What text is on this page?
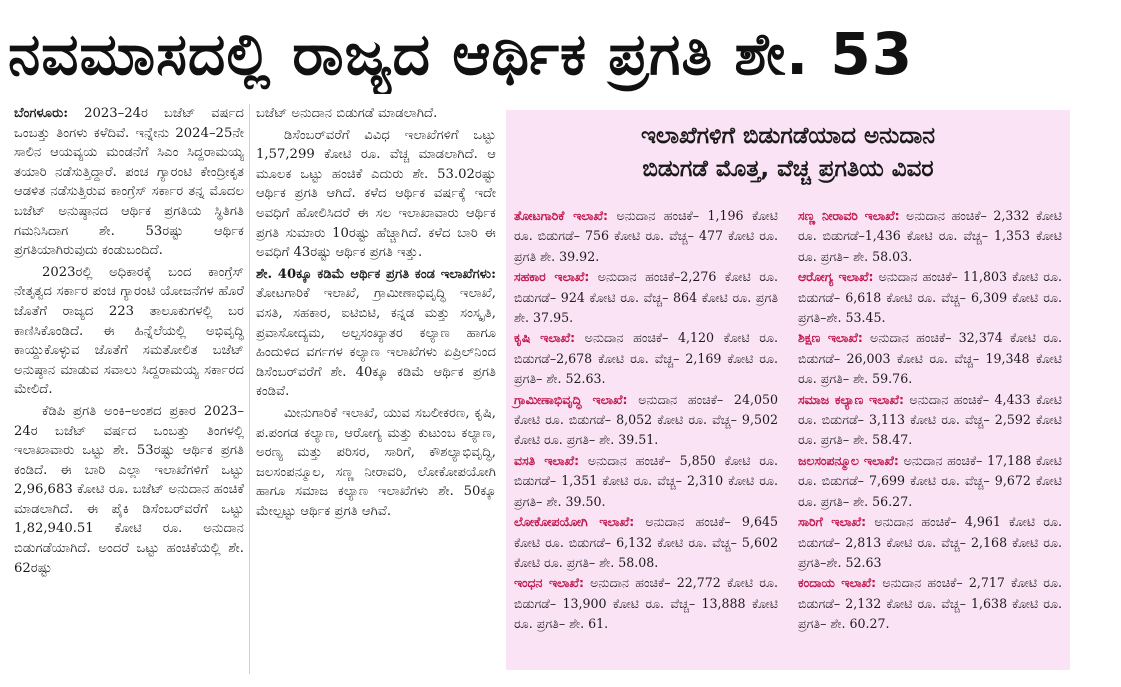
ನವಮಾಸದಲ್ಲಿ ರಾಜ್ಯದ ಆರ್ಥಿಕ ಪ್ರಗತಿ ಶೇ. 53

ಬೆಂಗಳೂರು: 2023–24ರ ಬಜೆಟ್ ವರ್ಷದ ಒಂಬತ್ತು ತಿಂಗಳು ಕಳೆದಿವೆ. ಇನ್ನೇನು 2024–25ನೇ ಸಾಲಿನ ಆಯವ್ಯಯ ಮಂಡನೆಗೆ ಸಿಎಂ ಸಿದ್ದರಾಮಯ್ಯ ತಯಾರಿ ನಡೆಸುತ್ತಿದ್ದಾರೆ. ಪಂಚ ಗ್ಯಾರಂಟಿ ಕೇಂದ್ರೀಕೃತ ಆಡಳಿತ ನಡೆಸುತ್ತಿರುವ ಕಾಂಗ್ರೆಸ್ ಸರ್ಕಾರ ತನ್ನ ಮೊದಲ ಬಜೆಟ್ ಅನುಷ್ಠಾನದ ಆರ್ಥಿಕ ಪ್ರಗತಿಯ ಸ್ಥಿತಿಗತಿ ಗಮನಿಸಿದಾಗ ಶೇ. 53ರಷ್ಟು ಆರ್ಥಿಕ ಪ್ರಗತಿಯಾಗಿರುವುದು ಕಂಡುಬಂದಿದೆ.

2023ರಲ್ಲಿ ಅಧಿಕಾರಕ್ಕೆ ಬಂದ ಕಾಂಗ್ರೆಸ್ ನೇತೃತ್ವದ ಸರ್ಕಾರ ಪಂಚ ಗ್ಯಾರಂಟಿ ಯೋಜನೆಗಳ ಹೊರೆ ಜೊತೆಗೆ ರಾಜ್ಯದ 223 ತಾಲೂಕುಗಳಲ್ಲಿ ಬರ ಕಾಣಿಸಿಕೊಂಡಿದೆ. ಈ ಹಿನ್ನೆಲೆಯಲ್ಲಿ ಅಭಿವೃದ್ಧಿ ಕಾಯ್ದುಕೊಳ್ಳುವ ಜೊತೆಗೆ ಸಮತೋಲಿತ ಬಜೆಟ್ ಅನುಷ್ಠಾನ ಮಾಡುವ ಸವಾಲು ಸಿದ್ದರಾಮಯ್ಯ ಸರ್ಕಾರದ ಮೇಲಿದೆ.

ಕೆಡಿಪಿ ಪ್ರಗತಿ ಅಂಕಿ–ಅಂಶದ ಪ್ರಕಾರ 2023–24ರ ಬಜೆಟ್ ವರ್ಷದ ಒಂಬತ್ತು ತಿಂಗಳಲ್ಲಿ ಇಲಾಖಾವಾರು ಒಟ್ಟು ಶೇ. 53ರಷ್ಟು ಆರ್ಥಿಕ ಪ್ರಗತಿ ಕಂಡಿದೆ. ಈ ಬಾರಿ ಎಲ್ಲಾ ಇಲಾಖೆಗಳಿಗೆ ಒಟ್ಟು 2,96,683 ಕೋಟಿ ರೂ. ಬಜೆಟ್ ಅನುದಾನ ಹಂಚಿಕೆ ಮಾಡಲಾಗಿದೆ. ಈ ಪೈಕಿ ಡಿಸೆಂಬರ್‌ವರೆಗೆ ಒಟ್ಟು 1,82,940.51 ಕೋಟಿ ರೂ. ಅನುದಾನ ಬಿಡುಗಡೆಯಾಗಿದೆ. ಅಂದರೆ ಒಟ್ಟು ಹಂಚಿಕೆಯಲ್ಲಿ ಶೇ. 62ರಷ್ಟು

ಬಜೆಟ್ ಅನುದಾನ ಬಿಡುಗಡೆ ಮಾಡಲಾಗಿದೆ.

ಡಿಸೆಂಬರ್‌ವರೆಗೆ ವಿವಿಧ ಇಲಾಖೆಗಳಿಗೆ ಒಟ್ಟು 1,57,299 ಕೋಟಿ ರೂ. ವೆಚ್ಚ ಮಾಡಲಾಗಿದೆ. ಆ ಮೂಲಕ ಒಟ್ಟು ಹಂಚಿಕೆ ಎದುರು ಶೇ. 53.02ರಷ್ಟು ಆರ್ಥಿಕ ಪ್ರಗತಿ ಆಗಿದೆ. ಕಳೆದ ಆರ್ಥಿಕ ವರ್ಷಕ್ಕೆ ಇದೇ ಅವಧಿಗೆ ಹೋಲಿಸಿದರೆ ಈ ಸಲ ಇಲಾಖಾವಾರು ಆರ್ಥಿಕ ಪ್ರಗತಿ ಸುಮಾರು 10ರಷ್ಟು ಹೆಚ್ಚಾಗಿದೆ. ಕಳೆದ ಬಾರಿ ಈ ಅವಧಿಗೆ 43ರಷ್ಟು ಆರ್ಥಿಕ ಪ್ರಗತಿ ಇತ್ತು.

ಶೇ. 40ಕ್ಕೂ ಕಡಿಮೆ ಆರ್ಥಿಕ ಪ್ರಗತಿ ಕಂಡ ಇಲಾಖೆಗಳು: ತೋಟಗಾರಿಕೆ ಇಲಾಖೆ, ಗ್ರಾಮೀಣಾಭಿವೃದ್ಧಿ ಇಲಾಖೆ, ವಸತಿ, ಸಹಕಾರ, ಐಟಿಬಿಟಿ, ಕನ್ನಡ ಮತ್ತು ಸಂಸ್ಕೃತಿ, ಪ್ರವಾಸೋದ್ಯಮ, ಅಲ್ಪಸಂಖ್ಯಾತರ ಕಲ್ಯಾಣ ಹಾಗೂ ಹಿಂದುಳಿದ ವರ್ಗಗಳ ಕಲ್ಯಾಣ ಇಲಾಖೆಗಳು ಏಪ್ರಿಲ್‌ನಿಂದ ಡಿಸೆಂಬರ್‌ವರೆಗೆ ಶೇ. 40ಕ್ಕೂ ಕಡಿಮೆ ಆರ್ಥಿಕ ಪ್ರಗತಿ ಕಂಡಿವೆ.

ಮೀನುಗಾರಿಕೆ ಇಲಾಖೆ, ಯುವ ಸಬಲೀಕರಣ, ಕೃಷಿ, ಪ.ಪಂಗಡ ಕಲ್ಯಾಣ, ಆರೋಗ್ಯ ಮತ್ತು ಕುಟುಂಬ ಕಲ್ಯಾಣ, ಅರಣ್ಯ ಮತ್ತು ಪರಿಸರ, ಸಾರಿಗೆ, ಕೌಶಲ್ಯಾಭಿವೃದ್ಧಿ, ಜಲಸಂಪನ್ಮೂಲ, ಸಣ್ಣ ನೀರಾವರಿ, ಲೋಕೋಪಯೋಗಿ ಹಾಗೂ ಸಮಾಜ ಕಲ್ಯಾಣ ಇಲಾಖೆಗಳು ಶೇ. 50ಕ್ಕೂ ಮೇಲ್ಪಟ್ಟು ಆರ್ಥಿಕ ಪ್ರಗತಿ ಆಗಿವೆ.

ಇಲಾಖೆಗಳಿಗೆ ಬಿಡುಗಡೆಯಾದ ಅನುದಾನ
ಬಿಡುಗಡೆ ಮೊತ್ತ, ವೆಚ್ಚ ಪ್ರಗತಿಯ ವಿವರ
ತೋಟಗಾರಿಕೆ ಇಲಾಖೆ: ಅನುದಾನ ಹಂಚಿಕೆ– 1,196 ಕೋಟಿ ರೂ. ಬಿಡುಗಡೆ– 756 ಕೋಟಿ ರೂ. ವೆಚ್ಚ– 477 ಕೋಟಿ ರೂ. ಪ್ರಗತಿ ಶೇ. 39.92.
ಸಹಕಾರ ಇಲಾಖೆ: ಅನುದಾನ ಹಂಚಿಕೆ–2,276 ಕೋಟಿ ರೂ. ಬಿಡುಗಡೆ– 924 ಕೋಟಿ ರೂ. ವೆಚ್ಚ– 864 ಕೋಟಿ ರೂ. ಪ್ರಗತಿ ಶೇ. 37.95.
ಕೃಷಿ ಇಲಾಖೆ: ಅನುದಾನ ಹಂಚಿಕೆ– 4,120 ಕೋಟಿ ರೂ. ಬಿಡುಗಡೆ–2,678 ಕೋಟಿ ರೂ. ವೆಚ್ಚ– 2,169 ಕೋಟಿ ರೂ. ಪ್ರಗತಿ– ಶೇ. 52.63.
ಗ್ರಾಮೀಣಾಭಿವೃದ್ಧಿ ಇಲಾಖೆ: ಅನುದಾನ ಹಂಚಿಕೆ– 24,050 ಕೋಟಿ ರೂ. ಬಿಡುಗಡೆ– 8,052 ಕೋಟಿ ರೂ. ವೆಚ್ಚ– 9,502 ಕೋಟಿ ರೂ. ಪ್ರಗತಿ– ಶೇ. 39.51.
ವಸತಿ ಇಲಾಖೆ: ಅನುದಾನ ಹಂಚಿಕೆ– 5,850 ಕೋಟಿ ರೂ. ಬಿಡುಗಡೆ– 1,351 ಕೋಟಿ ರೂ. ವೆಚ್ಚ– 2,310 ಕೋಟಿ ರೂ. ಪ್ರಗತಿ– ಶೇ. 39.50.
ಲೋಕೋಪಯೋಗಿ ಇಲಾಖೆ: ಅನುದಾನ ಹಂಚಿಕೆ– 9,645 ಕೋಟಿ ರೂ. ಬಿಡುಗಡೆ– 6,132 ಕೋಟಿ ರೂ. ವೆಚ್ಚ– 5,602 ಕೋಟಿ ರೂ. ಪ್ರಗತಿ– ಶೇ. 58.08.
ಇಂಧನ ಇಲಾಖೆ: ಅನುದಾನ ಹಂಚಿಕೆ– 22,772 ಕೋಟಿ ರೂ. ಬಿಡುಗಡೆ– 13,900 ಕೋಟಿ ರೂ. ವೆಚ್ಚ– 13,888 ಕೋಟಿ ರೂ. ಪ್ರಗತಿ– ಶೇ. 61.
ಸಣ್ಣ ನೀರಾವರಿ ಇಲಾಖೆ: ಅನುದಾನ ಹಂಚಿಕೆ– 2,332 ಕೋಟಿ ರೂ. ಬಿಡುಗಡೆ–1,436 ಕೋಟಿ ರೂ. ವೆಚ್ಚ– 1,353 ಕೋಟಿ ರೂ. ಪ್ರಗತಿ– ಶೇ. 58.03.
ಆರೋಗ್ಯ ಇಲಾಖೆ: ಅನುದಾನ ಹಂಚಿಕೆ– 11,803 ಕೋಟಿ ರೂ. ಬಿಡುಗಡೆ– 6,618 ಕೋಟಿ ರೂ. ವೆಚ್ಚ– 6,309 ಕೋಟಿ ರೂ. ಪ್ರಗತಿ–ಶೇ. 53.45.
ಶಿಕ್ಷಣ ಇಲಾಖೆ: ಅನುದಾನ ಹಂಚಿಕೆ– 32,374 ಕೋಟಿ ರೂ. ಬಿಡುಗಡೆ– 26,003 ಕೋಟಿ ರೂ. ವೆಚ್ಚ– 19,348 ಕೋಟಿ ರೂ. ಪ್ರಗತಿ– ಶೇ. 59.76.
ಸಮಾಜ ಕಲ್ಯಾಣ ಇಲಾಖೆ: ಅನುದಾನ ಹಂಚಿಕೆ– 4,433 ಕೋಟಿ ರೂ. ಬಿಡುಗಡೆ– 3,113 ಕೋಟಿ ರೂ. ವೆಚ್ಚ– 2,592 ಕೋಟಿ ರೂ. ಪ್ರಗತಿ– ಶೇ. 58.47.
ಜಲಸಂಪನ್ಮೂಲ ಇಲಾಖೆ: ಅನುದಾನ ಹಂಚಿಕೆ– 17,188 ಕೋಟಿ ರೂ. ಬಿಡುಗಡೆ– 7,699 ಕೋಟಿ ರೂ. ವೆಚ್ಚ– 9,672 ಕೋಟಿ ರೂ. ಪ್ರಗತಿ– ಶೇ. 56.27.
ಸಾರಿಗೆ ಇಲಾಖೆ: ಅನುದಾನ ಹಂಚಿಕೆ– 4,961 ಕೋಟಿ ರೂ. ಬಿಡುಗಡೆ– 2,813 ಕೋಟಿ ರೂ. ವೆಚ್ಚ– 2,168 ಕೋಟಿ ರೂ. ಪ್ರಗತಿ–ಶೇ. 52.63
ಕಂದಾಯ ಇಲಾಖೆ: ಅನುದಾನ ಹಂಚಿಕೆ– 2,717 ಕೋಟಿ ರೂ. ಬಿಡುಗಡೆ– 2,132 ಕೋಟಿ ರೂ. ವೆಚ್ಚ– 1,638 ಕೋಟಿ ರೂ. ಪ್ರಗತಿ– ಶೇ. 60.27.
